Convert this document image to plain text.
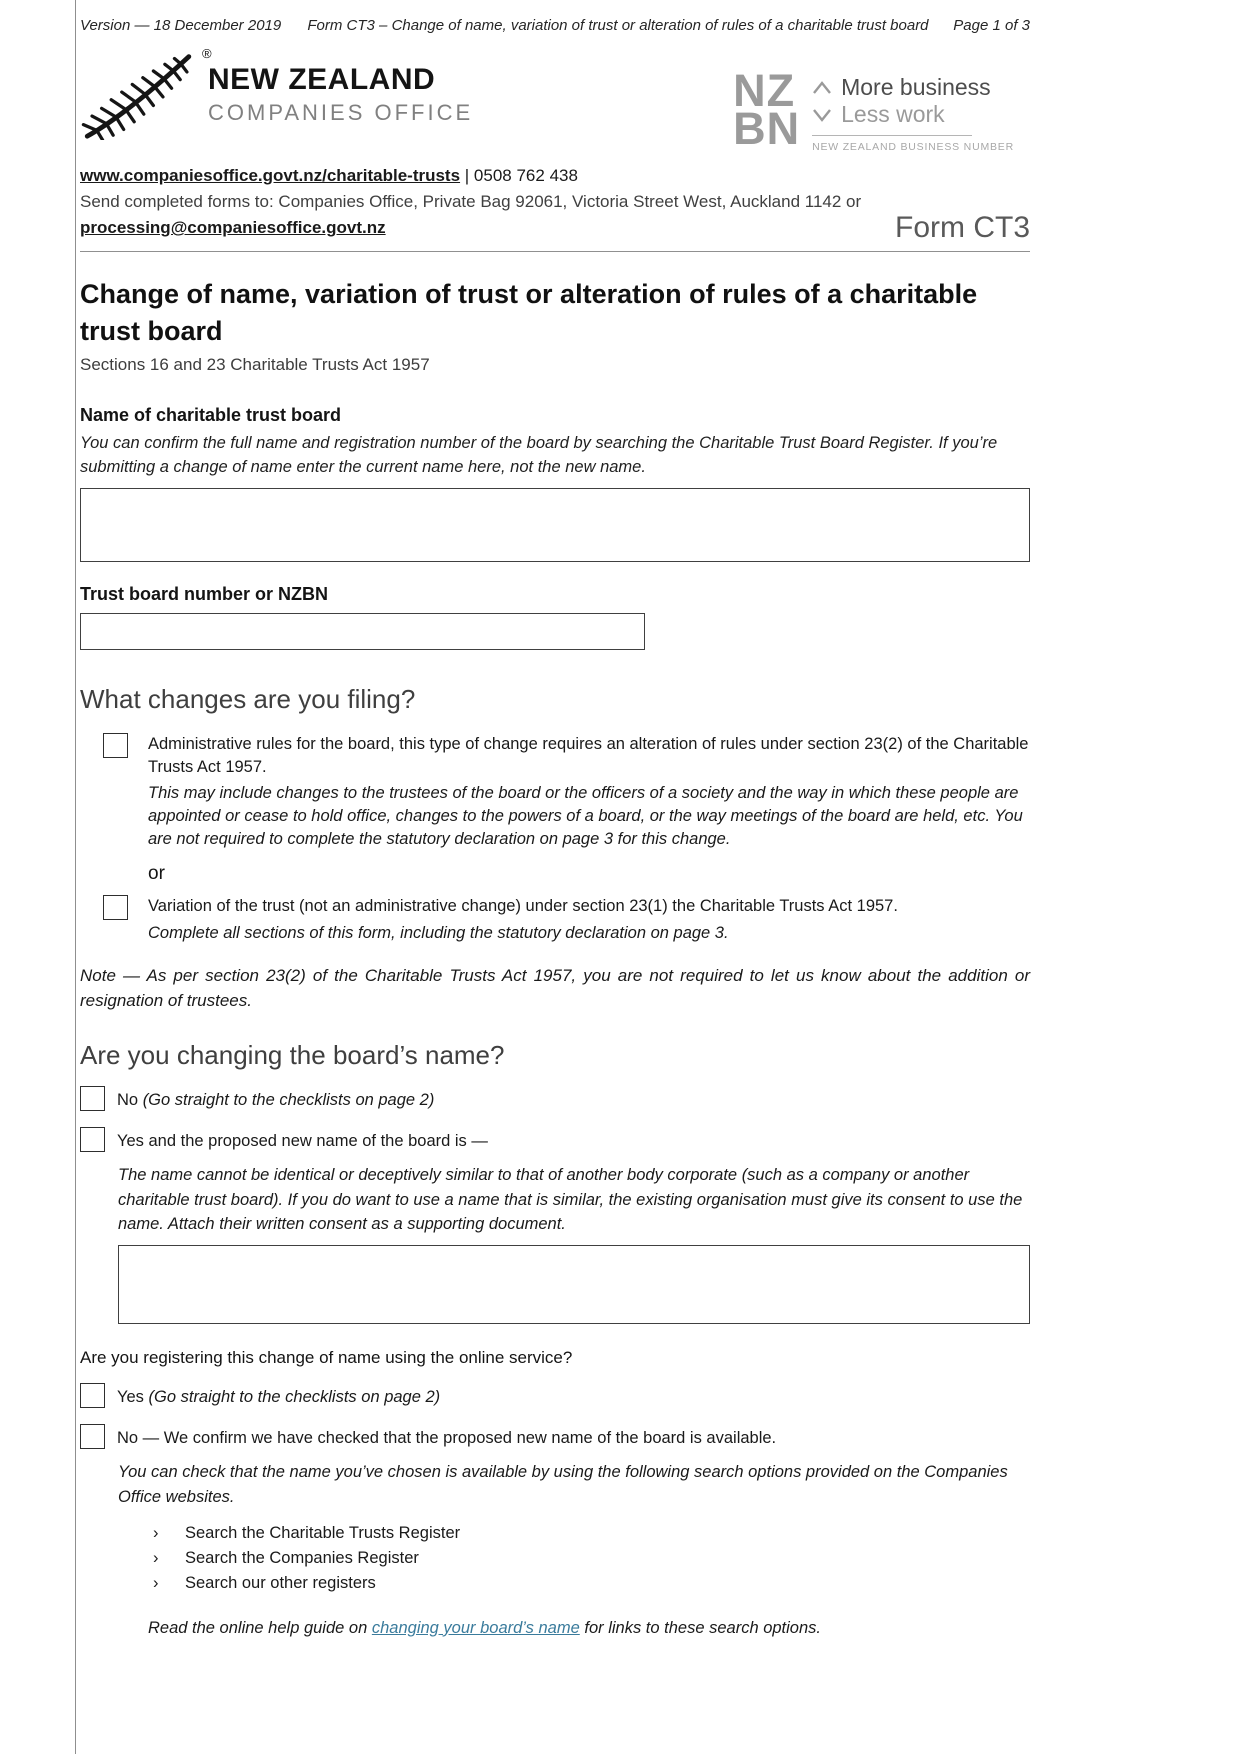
Version — 18 December 2019 Form CT3 – Change of name, variation of trust or alteration of rules of a charitable trust board Page 1 of 3
®
NEW ZEALAND
COMPANIES OFFICE	NZ
BN
More business
Less work
NEW ZEALAND BUSINESS NUMBER
www.companiesoffice.govt.nz/charitable-trusts | 0508 762 438
Send completed forms to: Companies Office, Private Bag 92061, Victoria Street West, Auckland 1142 or
processing@companiesoffice.govt.nz	Form CT3
Change of name, variation of trust or alteration of rules of a charitable trust board
Sections 16 and 23 Charitable Trusts Act 1957
Name of charitable trust board
You can confirm the full name and registration number of the board by searching the Charitable Trust Board Register. If you’re submitting a change of name enter the current name here, not the new name.
Trust board number or NZBN
What changes are you filing?
Administrative rules for the board, this type of change requires an alteration of rules under section 23(2) of the Charitable Trusts Act 1957.
This may include changes to the trustees of the board or the officers of a society and the way in which these people are appointed or cease to hold office, changes to the powers of a board, or the way meetings of the board are held, etc. You are not required to complete the statutory declaration on page 3 for this change.
or
Variation of the trust (not an administrative change) under section 23(1) the Charitable Trusts Act 1957.
Complete all sections of this form, including the statutory declaration on page 3.
Note — As per section 23(2) of the Charitable Trusts Act 1957, you are not required to let us know about the addition or resignation of trustees.
Are you changing the board’s name?
No (Go straight to the checklists on page 2)
Yes and the proposed new name of the board is —
The name cannot be identical or deceptively similar to that of another body corporate (such as a company or another charitable trust board). If you do want to use a name that is similar, the existing organisation must give its consent to use the name. Attach their written consent as a supporting document.
Are you registering this change of name using the online service?
Yes (Go straight to the checklists on page 2)
No — We confirm we have checked that the proposed new name of the board is available.
You can check that the name you’ve chosen is available by using the following search options provided on the Companies Office websites.
› Search the Charitable Trusts Register
› Search the Companies Register
› Search our other registers
Read the online help guide on changing your board’s name for links to these search options.
